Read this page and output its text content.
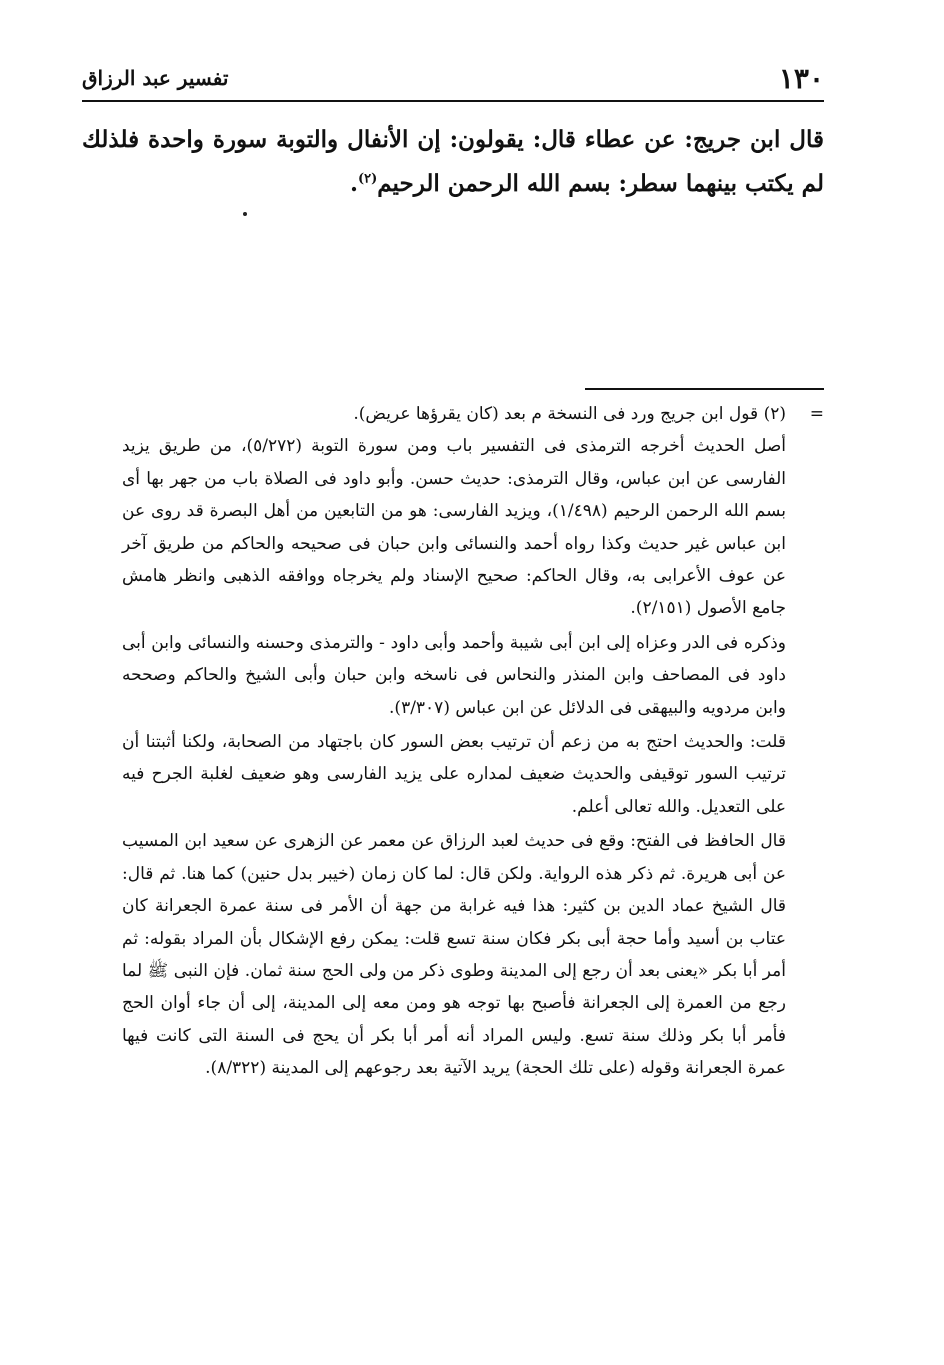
١٣٠
تفسير عبد الرزاق

قال ابن جريج: عن عطاء قال: يقولون: إن الأنفال والتوبة سورة واحدة فلذلك لم يكتب بينهما سطر: بسم الله الرحمن الرحيم$^{(٢)}$.

=
(٢) قول ابن جريج ورد فى النسخة م بعد (كان يقرؤها عريض).

أصل الحديث أخرجه الترمذى فى التفسير باب ومن سورة التوبة (٥/٢٧٢)، من طريق يزيد الفارسى عن ابن عباس، وقال الترمذى: حديث حسن. وأبو داود فى الصلاة باب من جهر بها أى بسم الله الرحمن الرحيم (١/٤٩٨)، ويزيد الفارسى: هو من التابعين من أهل البصرة قد روى عن ابن عباس غير حديث وكذا رواه أحمد والنسائى وابن حبان فى صحيحه والحاكم من طريق آخر عن عوف الأعرابى به، وقال الحاكم: صحيح الإسناد ولم يخرجاه ووافقه الذهبى وانظر هامش جامع الأصول (٢/١٥١).

وذكره فى الدر وعزاه إلى ابن أبى شيبة وأحمد وأبى داود - والترمذى وحسنه والنسائى وابن أبى داود فى المصاحف وابن المنذر والنحاس فى ناسخه وابن حبان وأبى الشيخ والحاكم وصححه وابن مردويه والبيهقى فى الدلائل عن ابن عباس (٣/٣٠٧).

قلت: والحديث احتج به من زعم أن ترتيب بعض السور كان باجتهاد من الصحابة، ولكنا أثبتنا أن ترتيب السور توقيفى والحديث ضعيف لمداره على يزيد الفارسى وهو ضعيف لغلبة الجرح فيه على التعديل. والله تعالى أعلم.

قال الحافظ فى الفتح: وقع فى حديث لعبد الرزاق عن معمر عن الزهرى عن سعيد ابن المسيب عن أبى هريرة. ثم ذكر هذه الرواية. ولكن قال: لما كان زمان (خيبر بدل حنين) كما هنا. ثم قال: قال الشيخ عماد الدين بن كثير: هذا فيه غرابة من جهة أن الأمر فى سنة عمرة الجعرانة كان عتاب بن أسيد وأما حجة أبى بكر فكان سنة تسع قلت: يمكن رفع الإشكال بأن المراد بقوله: ثم أمر أبا بكر «يعنى بعد أن رجع إلى المدينة وطوى ذكر من ولى الحج سنة ثمان. فإن النبى ﷺ لما رجع من العمرة إلى الجعرانة فأصبح بها توجه هو ومن معه إلى المدينة، إلى أن جاء أوان الحج فأمر أبا بكر وذلك سنة تسع. وليس المراد أنه أمر أبا بكر أن يحج فى السنة التى كانت فيها عمرة الجعرانة وقوله (على تلك الحجة) يريد الآتية بعد رجوعهم إلى المدينة (٨/٣٢٢).
